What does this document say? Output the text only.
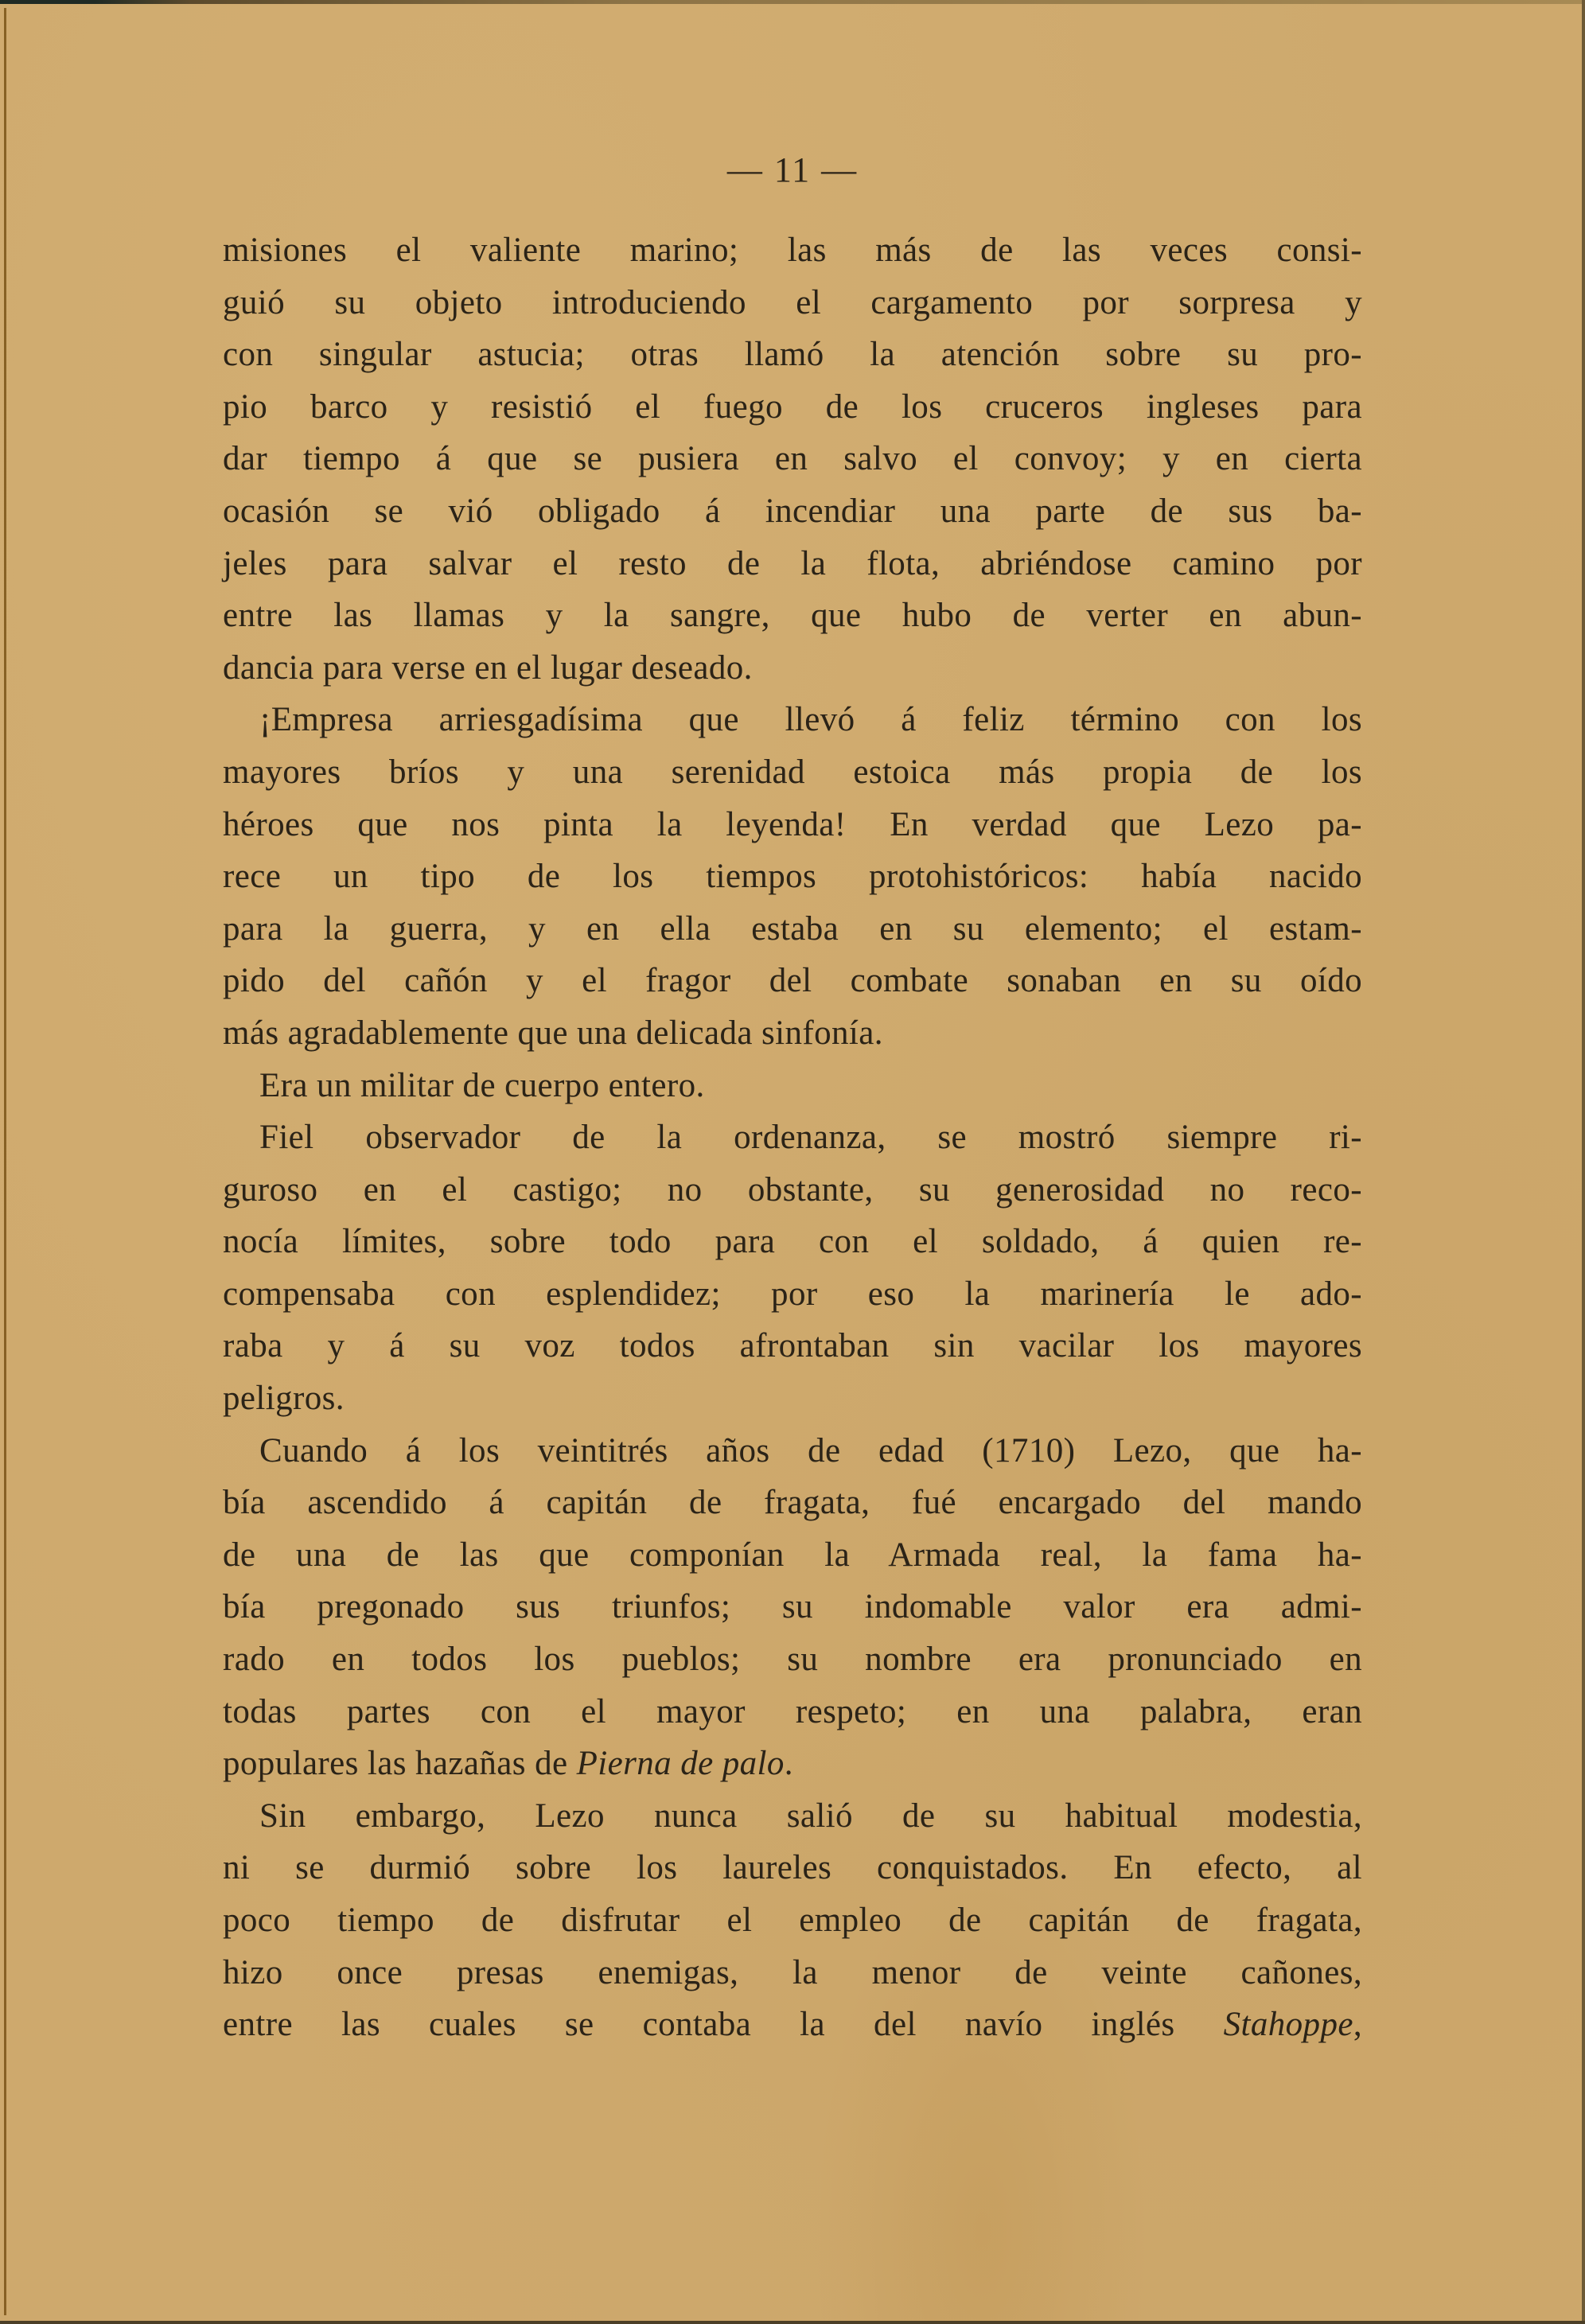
— 11 —
misiones el valiente marino; las más de las veces consi-
guió su objeto introduciendo el cargamento por sorpresa y
con singular astucia; otras llamó la atención sobre su pro-
pio barco y resistió el fuego de los cruceros ingleses para
dar tiempo á que se pusiera en salvo el convoy; y en cierta
ocasión se vió obligado á incendiar una parte de sus ba-
jeles para salvar el resto de la flota, abriéndose camino por
entre las llamas y la sangre, que hubo de verter en abun-
dancia para verse en el lugar deseado.
¡Empresa arriesgadísima que llevó á feliz término con los
mayores bríos y una serenidad estoica más propia de los
héroes que nos pinta la leyenda! En verdad que Lezo pa-
rece un tipo de los tiempos protohistóricos: había nacido
para la guerra, y en ella estaba en su elemento; el estam-
pido del cañón y el fragor del combate sonaban en su oído
más agradablemente que una delicada sinfonía.
Era un militar de cuerpo entero.
Fiel observador de la ordenanza, se mostró siempre ri-
guroso en el castigo; no obstante, su generosidad no reco-
nocía límites, sobre todo para con el soldado, á quien re-
compensaba con esplendidez; por eso la marinería le ado-
raba y á su voz todos afrontaban sin vacilar los mayores
peligros.
Cuando á los veintitrés años de edad (1710) Lezo, que ha-
bía ascendido á capitán de fragata, fué encargado del mando
de una de las que componían la Armada real, la fama ha-
bía pregonado sus triunfos; su indomable valor era admi-
rado en todos los pueblos; su nombre era pronunciado en
todas partes con el mayor respeto; en una palabra, eran
populares las hazañas de Pierna de palo.
Sin embargo, Lezo nunca salió de su habitual modestia,
ni se durmió sobre los laureles conquistados. En efecto, al
poco tiempo de disfrutar el empleo de capitán de fragata,
hizo once presas enemigas, la menor de veinte cañones,
entre las cuales se contaba la del navío inglés Stahoppe,
